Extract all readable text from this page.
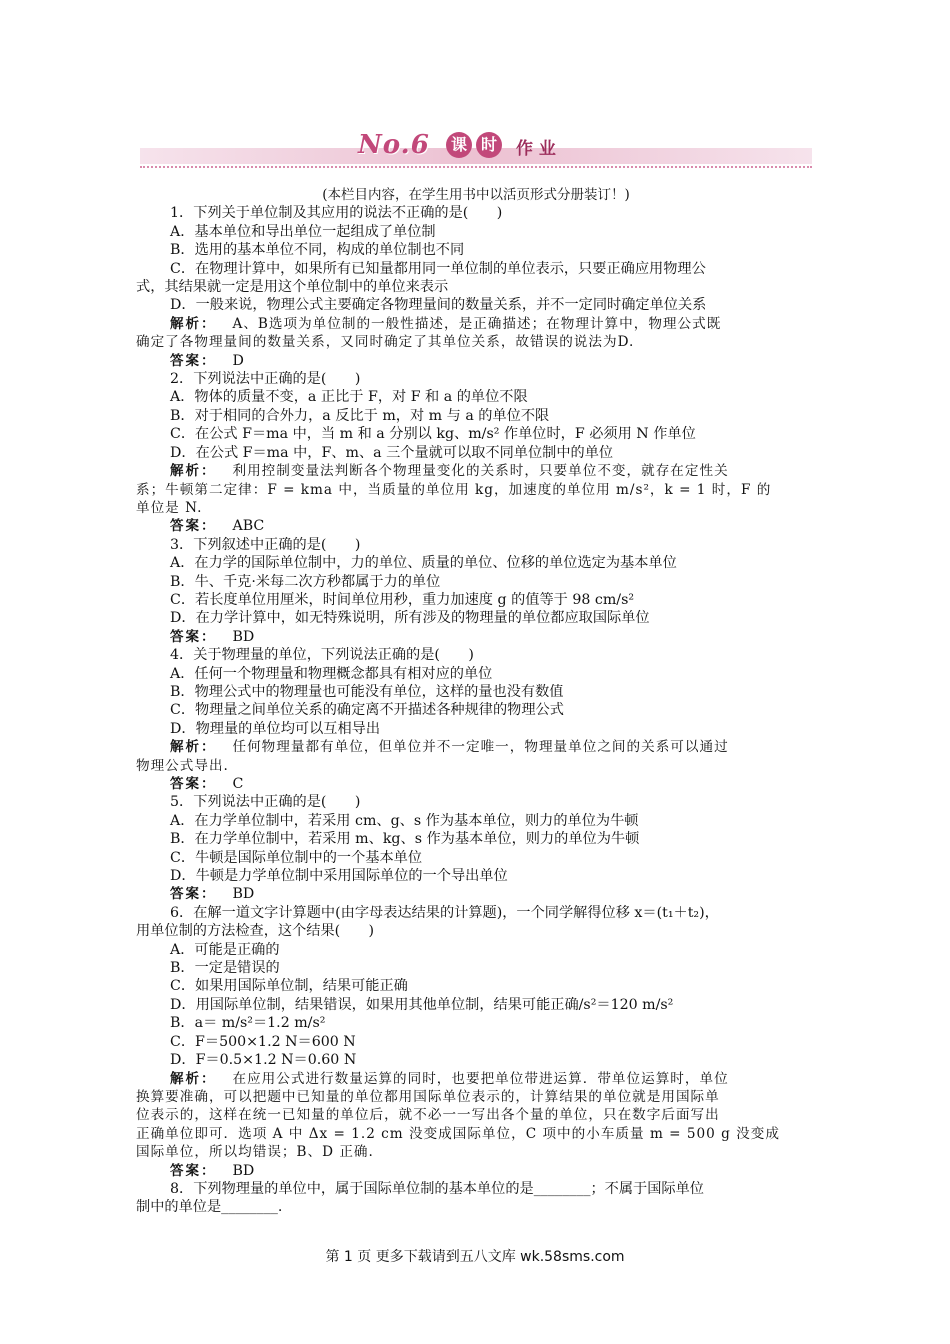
No.6	课 时 作 业
(本栏目内容，在学生用书中以活页形式分册装订！)
1．下列关于单位制及其应用的说法不正确的是(　　)
A．基本单位和导出单位一起组成了单位制
B．选用的基本单位不同，构成的单位制也不同
C．在物理计算中，如果所有已知量都用同一单位制的单位表示，只要正确应用物理公
式，其结果就一定是用这个单位制中的单位来表示
D．一般来说，物理公式主要确定各物理量间的数量关系，并不一定同时确定单位关系
解析： A、B选项为单位制的一般性描述，是正确描述；在物理计算中，物理公式既
确定了各物理量间的数量关系，又同时确定了其单位关系，故错误的说法为D.
答案： D
2．下列说法中正确的是(　　)
A．物体的质量不变，a 正比于 F，对 F 和 a 的单位不限
B．对于相同的合外力，a 反比于 m，对 m 与 a 的单位不限
C．在公式 F＝ma 中，当 m 和 a 分别以 kg、m/s² 作单位时，F 必须用 N 作单位
D．在公式 F＝ma 中，F、m、a 三个量就可以取不同单位制中的单位
解析： 利用控制变量法判断各个物理量变化的关系时，只要单位不变，就存在定性关
系；牛顿第二定律：F = kma 中，当质量的单位用 kg，加速度的单位用 m/s²，k = 1 时，F 的
单位是 N.
答案： ABC
3．下列叙述中正确的是(　　)
A．在力学的国际单位制中，力的单位、质量的单位、位移的单位选定为基本单位
B．牛、千克·米每二次方秒都属于力的单位
C．若长度单位用厘米，时间单位用秒，重力加速度 g 的值等于 98 cm/s²
D．在力学计算中，如无特殊说明，所有涉及的物理量的单位都应取国际单位
答案： BD
4．关于物理量的单位，下列说法正确的是(　　)
A．任何一个物理量和物理概念都具有相对应的单位
B．物理公式中的物理量也可能没有单位，这样的量也没有数值
C．物理量之间单位关系的确定离不开描述各种规律的物理公式
D．物理量的单位均可以互相导出
解析： 任何物理量都有单位，但单位并不一定唯一，物理量单位之间的关系可以通过
物理公式导出.
答案： C
5．下列说法中正确的是(　　)
A．在力学单位制中，若采用 cm、g、s 作为基本单位，则力的单位为牛顿
B．在力学单位制中，若采用 m、kg、s 作为基本单位，则力的单位为牛顿
C．牛顿是国际单位制中的一个基本单位
D．牛顿是力学单位制中采用国际单位的一个导出单位
答案： BD
6．在解一道文字计算题中(由字母表达结果的计算题)，一个同学解得位移 x＝(t₁＋t₂)，
用单位制的方法检查，这个结果(　　)
A．可能是正确的
B．一定是错误的
C．如果用国际单位制，结果可能正确
D．用国际单位制，结果错误，如果用其他单位制，结果可能正确/s²＝120 m/s²
B．a＝ m/s²＝1.2 m/s²
C．F＝500×1.2 N＝600 N
D．F＝0.5×1.2 N＝0.60 N
解析： 在应用公式进行数量运算的同时，也要把单位带进运算．带单位运算时，单位
换算要准确，可以把题中已知量的单位都用国际单位表示的，计算结果的单位就是用国际单
位表示的，这样在统一已知量的单位后，就不必一一写出各个量的单位，只在数字后面写出
正确单位即可．选项 A 中 Δx = 1.2 cm 没变成国际单位，C 项中的小车质量 m = 500 g 没变成
国际单位，所以均错误；B、D 正确.
答案： BD
8．下列物理量的单位中，属于国际单位制的基本单位的是________；不属于国际单位
制中的单位是________.
第 1 页 更多下载请到五八文库 wk.58sms.com
